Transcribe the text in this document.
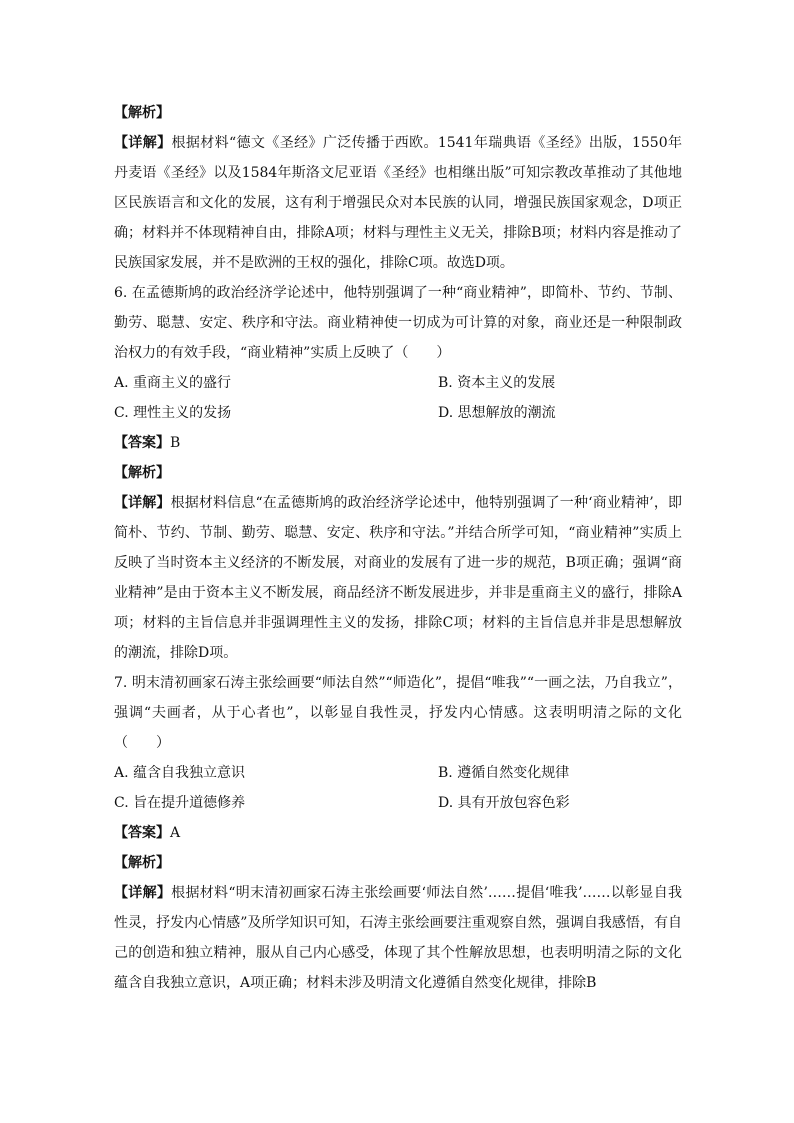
【解析】

【详解】根据材料“德文《圣经》广泛传播于西欧。1541年瑞典语《圣经》出版，1550年丹麦语《圣经》以及1584年斯洛文尼亚语《圣经》也相继出版”可知宗教改革推动了其他地区民族语言和文化的发展，这有利于增强民众对本民族的认同，增强民族国家观念，D项正确；材料并不体现精神自由，排除A项；材料与理性主义无关，排除B项；材料内容是推动了民族国家发展，并不是欧洲的王权的强化，排除C项。故选D项。

6. 在孟德斯鸠的政治经济学论述中，他特别强调了一种“商业精神”，即简朴、节约、节制、勤劳、聪慧、安定、秩序和守法。商业精神使一切成为可计算的对象，商业还是一种限制政治权力的有效手段，“商业精神”实质上反映了（　　）

A. 重商主义的盛行	B. 资本主义的发展
C. 理性主义的发扬	D. 思想解放的潮流

【答案】B

【解析】

【详解】根据材料信息“在孟德斯鸠的政治经济学论述中，他特别强调了一种‘商业精神’，即简朴、节约、节制、勤劳、聪慧、安定、秩序和守法。”并结合所学可知，“商业精神”实质上反映了当时资本主义经济的不断发展，对商业的发展有了进一步的规范，B项正确；强调“商业精神”是由于资本主义不断发展，商品经济不断发展进步，并非是重商主义的盛行，排除A项；材料的主旨信息并非强调理性主义的发扬，排除C项；材料的主旨信息并非是思想解放的潮流，排除D项。

7. 明末清初画家石涛主张绘画要“师法自然”“师造化”，提倡“唯我”“一画之法，乃自我立”，强调“夫画者，从于心者也”，以彰显自我性灵，抒发内心情感。这表明明清之际的文化（　　）

A. 蕴含自我独立意识	B. 遵循自然变化规律
C. 旨在提升道德修养	D. 具有开放包容色彩

【答案】A

【解析】

【详解】根据材料“明末清初画家石涛主张绘画要‘师法自然’……提倡‘唯我’……以彰显自我性灵，抒发内心情感”及所学知识可知，石涛主张绘画要注重观察自然，强调自我感悟，有自己的创造和独立精神，服从自己内心感受，体现了其个性解放思想，也表明明清之际的文化蕴含自我独立意识，A项正确；材料未涉及明清文化遵循自然变化规律，排除B
